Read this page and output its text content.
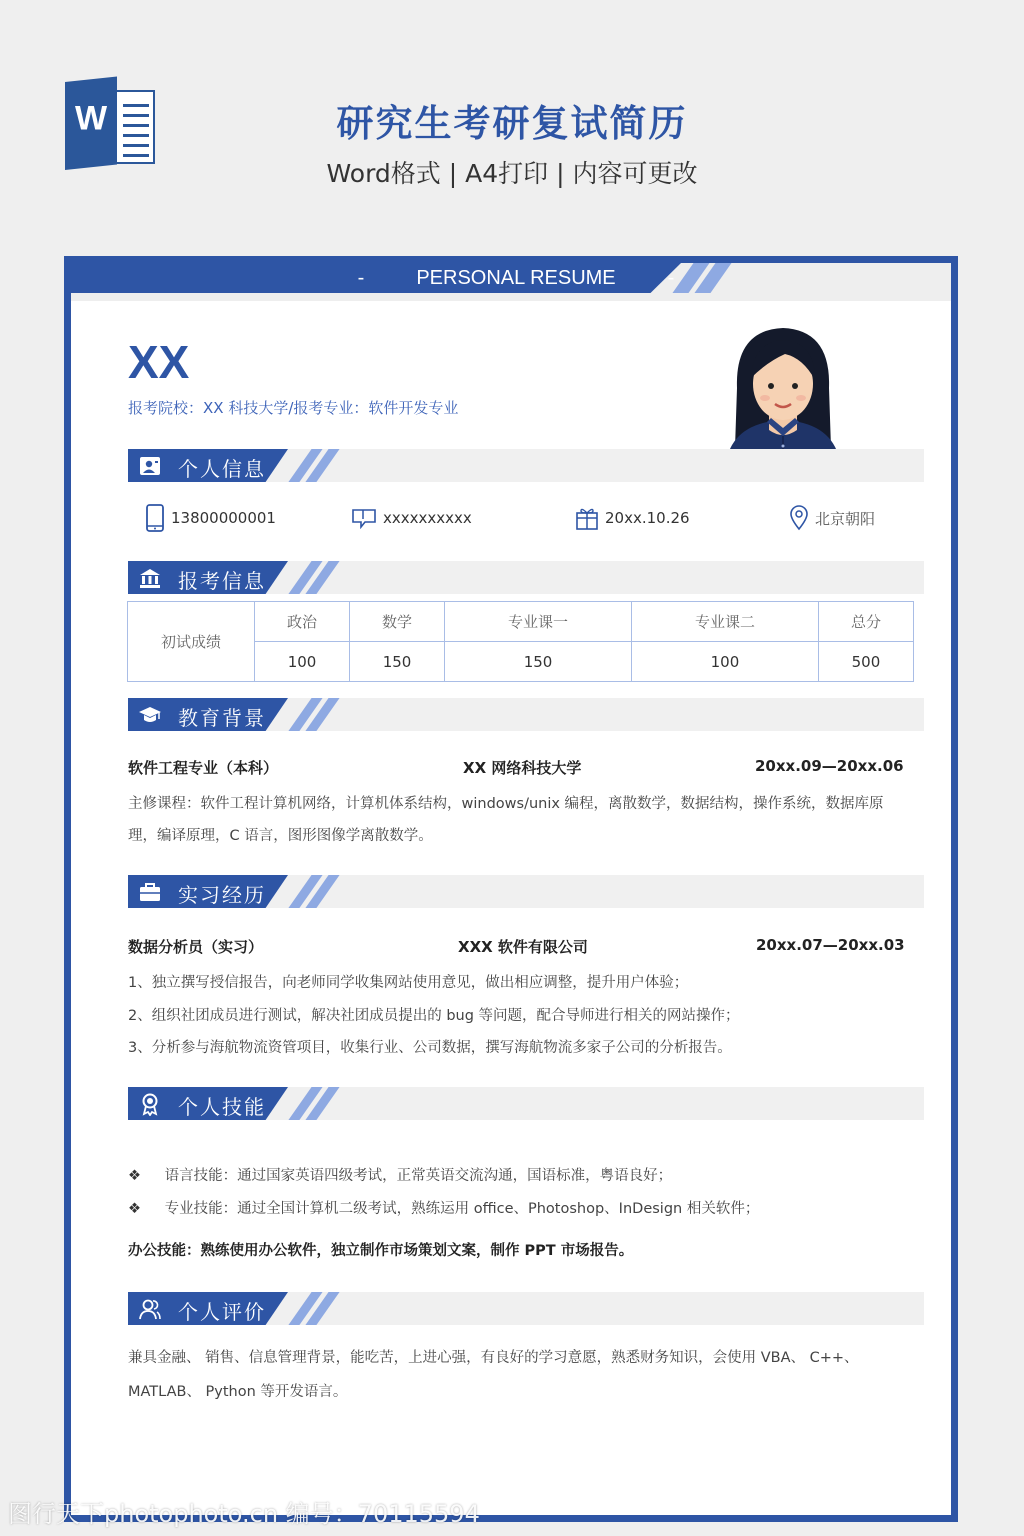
W	研究生考研复试简历
Word格式 | A4打印 | 内容可更改
-	PERSONAL RESUME	-
XX
报考院校：XX 科技大学/报考专业：软件开发专业
个人信息
13800000001	xxxxxxxxxx	20xx.10.26	北京朝阳
报考信息
初试成绩	政治	数学	专业课一	专业课二	总分
	100	150	150	100	500
教育背景
软件工程专业（本科）	XX 网络科技大学	20xx.09—20xx.06
主修课程：软件工程计算机网络，计算机体系结构，windows/unix 编程，离散数学，数据结构，操作系统，数据库原理，编译原理，C 语言，图形图像学离散数学。
实习经历
数据分析员（实习）	XXX 软件有限公司	20xx.07—20xx.03
1、独立撰写授信报告，向老师同学收集网站使用意见，做出相应调整，提升用户体验；
2、组织社团成员进行测试，解决社团成员提出的 bug 等问题，配合导师进行相关的网站操作；
3、分析参与海航物流资管项目，收集行业、公司数据，撰写海航物流多家子公司的分析报告。
个人技能
❖ 语言技能：通过国家英语四级考试，正常英语交流沟通，国语标准，粤语良好；
❖ 专业技能：通过全国计算机二级考试，熟练运用 office、Photoshop、InDesign 相关软件；
办公技能：熟练使用办公软件，独立制作市场策划文案，制作 PPT 市场报告。
个人评价
兼具金融、 销售、信息管理背景，能吃苦，上进心强，有良好的学习意愿，熟悉财务知识，会使用 VBA、 C++、 MATLAB、 Python 等开发语言。
图行天下photophoto.cn 编号：70115594
